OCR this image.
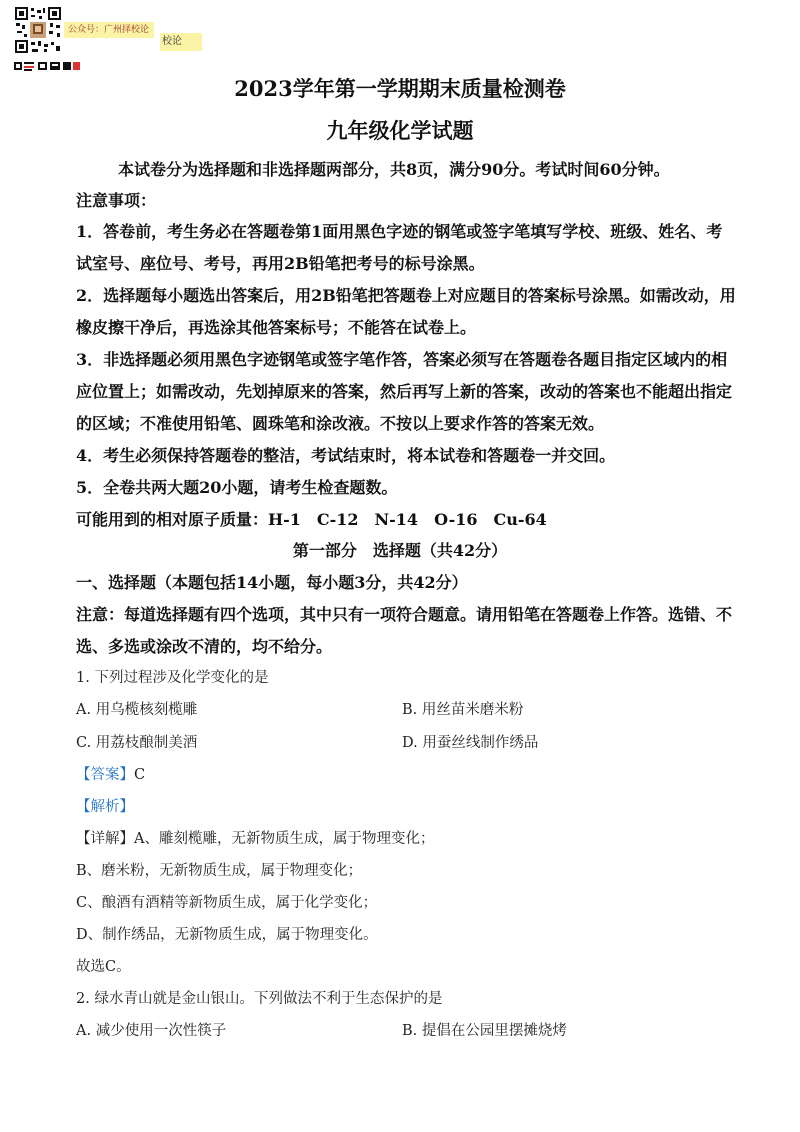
公众号：广州择校论
校论
2023学年第一学期期末质量检测卷
九年级化学试题
本试卷分为选择题和非选择题两部分，共8页，满分90分。考试时间60分钟。
注意事项：
1．答卷前，考生务必在答题卷第1面用黑色字迹的钢笔或签字笔填写学校、班级、姓名、考
试室号、座位号、考号，再用2B铅笔把考号的标号涂黑。
2．选择题每小题选出答案后，用2B铅笔把答题卷上对应题目的答案标号涂黑。如需改动，用
橡皮擦干净后，再选涂其他答案标号；不能答在试卷上。
3．非选择题必须用黑色字迹钢笔或签字笔作答，答案必须写在答题卷各题目指定区域内的相
应位置上；如需改动，先划掉原来的答案，然后再写上新的答案，改动的答案也不能超出指定
的区域；不准使用铅笔、圆珠笔和涂改液。不按以上要求作答的答案无效。
4．考生必须保持答题卷的整洁，考试结束时，将本试卷和答题卷一并交回。
5．全卷共两大题20小题，请考生检查题数。
可能用到的相对原子质量：H-1　C-12　N-14　O-16　Cu-64
第一部分　选择题（共42分）
一、选择题（本题包括14小题，每小题3分，共42分）
注意：每道选择题有四个选项，其中只有一项符合题意。请用铅笔在答题卷上作答。选错、不
选、多选或涂改不清的，均不给分。
1. 下列过程涉及化学变化的是
A. 用乌榄核刻榄雕	B. 用丝苗米磨米粉
C. 用荔枝酿制美酒	D. 用蚕丝线制作绣品
【答案】C
【解析】
【详解】A、雕刻榄雕，无新物质生成，属于物理变化；
B、磨米粉，无新物质生成，属于物理变化；
C、酿酒有酒精等新物质生成，属于化学变化；
D、制作绣品，无新物质生成，属于物理变化。
故选C。
2. 绿水青山就是金山银山。下列做法不利于生态保护的是
A. 减少使用一次性筷子	B. 提倡在公园里摆摊烧烤
